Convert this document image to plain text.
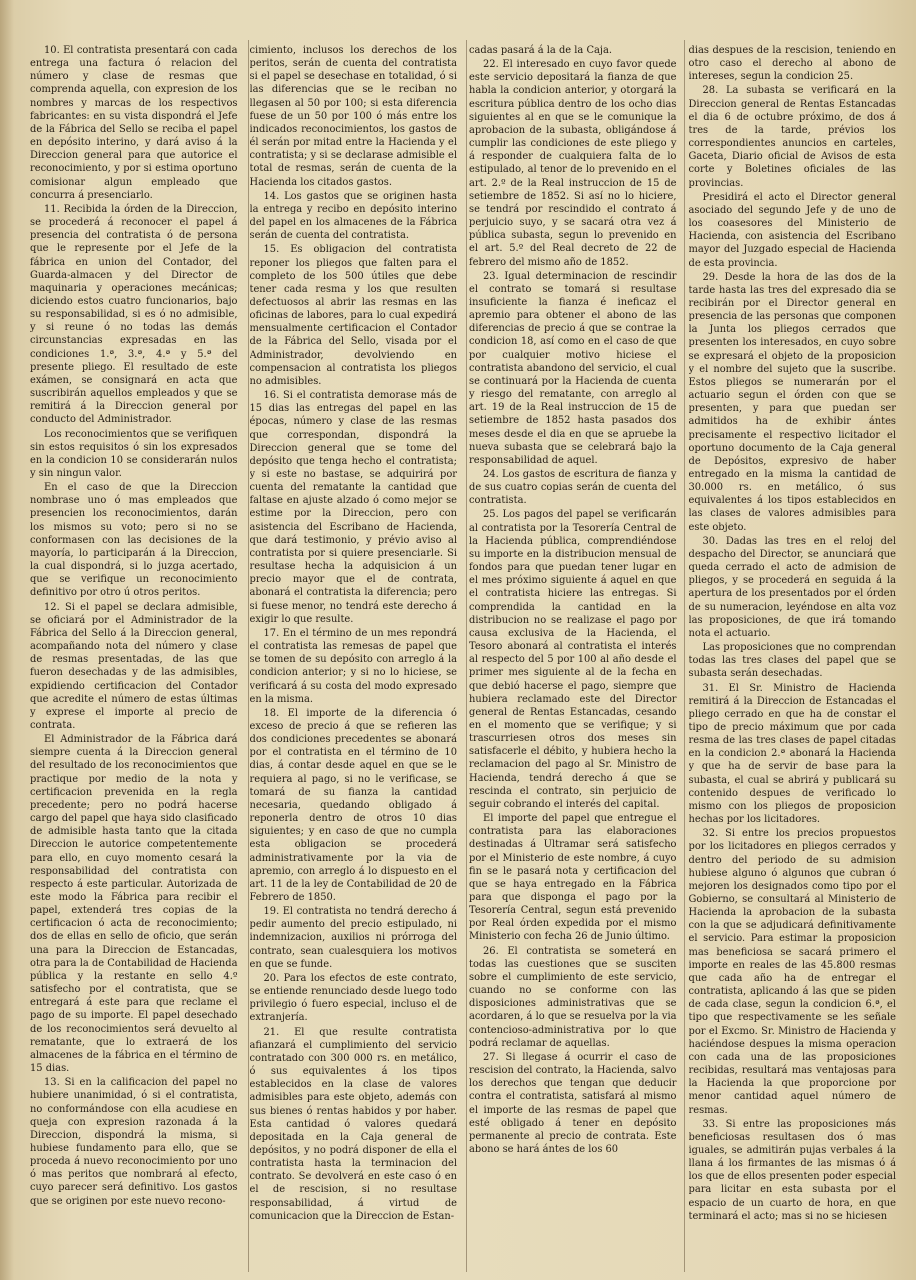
10. El contratista presentará con cada entrega una factura ó relacion del número y clase de resmas que comprenda aquella, con expresion de los nombres y marcas de los respectivos fabricantes: en su vista dispondrá el Jefe de la Fábrica del Sello se reciba el papel en depósito interino, y dará aviso á la Direccion general para que autorice el reconocimiento, y por si estima oportuno comisionar algun empleado que concurra á presenciarlo.

11. Recibida la órden de la Direccion, se procederá á reconocer el papel á presencia del contratista ó de persona que le represente por el Jefe de la fábrica en union del Contador, del Guarda-almacen y del Director de maquinaria y operaciones mecánicas; diciendo estos cuatro funcionarios, bajo su responsabilidad, si es ó no admisible, y si reune ó no todas las demás circunstancias expresadas en las condiciones 1.ª, 3.ª, 4.ª y 5.ª del presente pliego. El resultado de este exámen, se consignará en acta que suscribirán aquellos empleados y que se remitirá á la Direccion general por conducto del Administrador.

Los reconocimientos que se verifiquen sin estos requisitos ó sin los expresados en la condicion 10 se considerarán nulos y sin ningun valor.

En el caso de que la Direccion nombrase uno ó mas empleados que presencien los reconocimientos, darán los mismos su voto; pero si no se conformasen con las decisiones de la mayoría, lo participarán á la Direccion, la cual dispondrá, si lo juzga acertado, que se verifique un reconocimiento definitivo por otro ú otros peritos.

12. Si el papel se declara admisible, se oficiará por el Administrador de la Fábrica del Sello á la Direccion general, acompañando nota del número y clase de resmas presentadas, de las que fueron desechadas y de las admisibles, expidiendo certificacion del Contador que acredite el número de estas últimas y exprese el importe al precio de contrata.

El Administrador de la Fábrica dará siempre cuenta á la Direccion general del resultado de los reconocimientos que practique por medio de la nota y certificacion prevenida en la regla precedente; pero no podrá hacerse cargo del papel que haya sido clasificado de admisible hasta tanto que la citada Direccion le autorice competentemente para ello, en cuyo momento cesará la responsabilidad del contratista con respecto á este particular. Autorizada de este modo la Fábrica para recibir el papel, extenderá tres copias de la certificacion ó acta de reconocimiento; dos de ellas en sello de oficio, que serán una para la Direccion de Estancadas, otra para la de Contabilidad de Hacienda pública y la restante en sello 4.º satisfecho por el contratista, que se entregará á este para que reclame el pago de su importe. El papel desechado de los reconocimientos será devuelto al rematante, que lo extraerá de los almacenes de la fábrica en el término de 15 dias.

13. Si en la calificacion del papel no hubiere unanimidad, ó si el contratista, no conformándose con ella acudiese en queja con expresion razonada á la Direccion, dispondrá la misma, si hubiese fundamento para ello, que se proceda á nuevo reconocimiento por uno ó mas peritos que nombrará al efecto, cuyo parecer será definitivo. Los gastos que se originen por este nuevo recono-

cimiento, inclusos los derechos de los peritos, serán de cuenta del contratista si el papel se desechase en totalidad, ó si las diferencias que se le reciban no llegasen al 50 por 100; si esta diferencia fuese de un 50 por 100 ó más entre los indicados reconocimientos, los gastos de él serán por mitad entre la Hacienda y el contratista; y si se declarase admisible el total de resmas, serán de cuenta de la Hacienda los citados gastos.

14. Los gastos que se originen hasta la entrega y recibo en depósito interino del papel en los almacenes de la Fábrica serán de cuenta del contratista.

15. Es obligacion del contratista reponer los pliegos que falten para el completo de los 500 útiles que debe tener cada resma y los que resulten defectuosos al abrir las resmas en las oficinas de labores, para lo cual expedirá mensualmente certificacion el Contador de la Fábrica del Sello, visada por el Administrador, devolviendo en compensacion al contratista los pliegos no admisibles.

16. Si el contratista demorase más de 15 dias las entregas del papel en las épocas, número y clase de las resmas que correspondan, dispondrá la Direccion general que se tome del depósito que tenga hecho el contratista; y si este no bastase, se adquirirá por cuenta del rematante la cantidad que faltase en ajuste alzado ó como mejor se estime por la Direccion, pero con asistencia del Escribano de Hacienda, que dará testimonio, y prévio aviso al contratista por si quiere presenciarle. Si resultase hecha la adquisicion á un precio mayor que el de contrata, abonará el contratista la diferencia; pero si fuese menor, no tendrá este derecho á exigir lo que resulte.

17. En el término de un mes repondrá el contratista las remesas de papel que se tomen de su depósito con arreglo á la condicion anterior; y si no lo hiciese, se verificará á su costa del modo expresado en la misma.

18. El importe de la diferencia ó exceso de precio á que se refieren las dos condiciones precedentes se abonará por el contratista en el término de 10 dias, á contar desde aquel en que se le requiera al pago, si no le verificase, se tomará de su fianza la cantidad necesaria, quedando obligado á reponerla dentro de otros 10 dias siguientes; y en caso de que no cumpla esta obligacion se procederá administrativamente por la via de apremio, con arreglo á lo dispuesto en el art. 11 de la ley de Contabilidad de 20 de Febrero de 1850.

19. El contratista no tendrá derecho á pedir aumento del precio estipulado, ni indemnizacion, auxilios ni prórroga del contrato, sean cualesquiera los motivos en que se funde.

20. Para los efectos de este contrato, se entiende renunciado desde luego todo privilegio ó fuero especial, incluso el de extranjería.

21. El que resulte contratista afianzará el cumplimiento del servicio contratado con 300 000 rs. en metálico, ó sus equivalentes á los tipos establecidos en la clase de valores admisibles para este objeto, además con sus bienes ó rentas habidos y por haber. Esta cantidad ó valores quedará depositada en la Caja general de depósitos, y no podrá disponer de ella el contratista hasta la terminacion del contrato. Se devolverá en este caso ó en el de rescision, si no resultase responsabilidad, á virtud de comunicacion que la Direccion de Estan-

cadas pasará á la de la Caja.

22. El interesado en cuyo favor quede este servicio depositará la fianza de que habla la condicion anterior, y otorgará la escritura pública dentro de los ocho dias siguientes al en que se le comunique la aprobacion de la subasta, obligándose á cumplir las condiciones de este pliego y á responder de cualquiera falta de lo estipulado, al tenor de lo prevenido en el art. 2.º de la Real instruccion de 15 de setiembre de 1852. Si así no lo hiciere, se tendrá por rescindido el contrato á perjuicio suyo, y se sacará otra vez á pública subasta, segun lo prevenido en el art. 5.º del Real decreto de 22 de febrero del mismo año de 1852.

23. Igual determinacion de rescindir el contrato se tomará si resultase insuficiente la fianza é ineficaz el apremio para obtener el abono de las diferencias de precio á que se contrae la condicion 18, así como en el caso de que por cualquier motivo hiciese el contratista abandono del servicio, el cual se continuará por la Hacienda de cuenta y riesgo del rematante, con arreglo al art. 19 de la Real instruccion de 15 de setiembre de 1852 hasta pasados dos meses desde el dia en que se apruebe la nueva subasta que se celebrará bajo la responsabilidad de aquel.

24. Los gastos de escritura de fianza y de sus cuatro copias serán de cuenta del contratista.

25. Los pagos del papel se verificarán al contratista por la Tesorería Central de la Hacienda pública, comprendiéndose su importe en la distribucion mensual de fondos para que puedan tener lugar en el mes próximo siguiente á aquel en que el contratista hiciere las entregas. Si comprendida la cantidad en la distribucion no se realizase el pago por causa exclusiva de la Hacienda, el Tesoro abonará al contratista el interés al respecto del 5 por 100 al año desde el primer mes siguiente al de la fecha en que debió hacerse el pago, siempre que hubiera reclamado este del Director general de Rentas Estancadas, cesando en el momento que se verifique; y si trascurriesen otros dos meses sin satisfacerle el débito, y hubiera hecho la reclamacion del pago al Sr. Ministro de Hacienda, tendrá derecho á que se rescinda el contrato, sin perjuicio de seguir cobrando el interés del capital.

El importe del papel que entregue el contratista para las elaboraciones destinadas á Ultramar será satisfecho por el Ministerio de este nombre, á cuyo fin se le pasará nota y certificacion del que se haya entregado en la Fábrica para que disponga el pago por la Tesorería Central, segun está prevenido por Real órden expedida por el mismo Ministerio con fecha 26 de Junio último.

26. El contratista se someterá en todas las cuestiones que se susciten sobre el cumplimiento de este servicio, cuando no se conforme con las disposiciones administrativas que se acordaren, á lo que se resuelva por la via contencioso-administrativa por lo que podrá reclamar de aquellas.

27. Si llegase á ocurrir el caso de rescision del contrato, la Hacienda, salvo los derechos que tengan que deducir contra el contratista, satisfará al mismo el importe de las resmas de papel que esté obligado á tener en depósito permanente al precio de contrata. Este abono se hará ántes de los 60

dias despues de la rescision, teniendo en otro caso el derecho al abono de intereses, segun la condicion 25.

28. La subasta se verificará en la Direccion general de Rentas Estancadas el dia 6 de octubre próximo, de dos á tres de la tarde, prévios los correspondientes anuncios en carteles, Gaceta, Diario oficial de Avisos de esta corte y Boletines oficiales de las provincias.

Presidirá el acto el Director general asociado del segundo Jefe y de uno de los coasesores del Ministerio de Hacienda, con asistencia del Escribano mayor del Juzgado especial de Hacienda de esta provincia.

29. Desde la hora de las dos de la tarde hasta las tres del expresado dia se recibirán por el Director general en presencia de las personas que componen la Junta los pliegos cerrados que presenten los interesados, en cuyo sobre se expresará el objeto de la proposicion y el nombre del sujeto que la suscribe. Estos pliegos se numerarán por el actuario segun el órden con que se presenten, y para que puedan ser admitidos ha de exhibir ántes precisamente el respectivo licitador el oportuno documento de la Caja general de Depósitos, expresivo de haber entregado en la misma la cantidad de 30.000 rs. en metálico, ó sus equivalentes á los tipos establecidos en las clases de valores admisibles para este objeto.

30. Dadas las tres en el reloj del despacho del Director, se anunciará que queda cerrado el acto de admision de pliegos, y se procederá en seguida á la apertura de los presentados por el órden de su numeracion, leyéndose en alta voz las proposiciones, de que irá tomando nota el actuario.

Las proposiciones que no comprendan todas las tres clases del papel que se subasta serán desechadas.

31. El Sr. Ministro de Hacienda remitirá á la Direccion de Estancadas el pliego cerrado en que ha de constar el tipo de precio máximum que por cada resma de las tres clases de papel citadas en la condicion 2.ª abonará la Hacienda y que ha de servir de base para la subasta, el cual se abrirá y publicará su contenido despues de verificado lo mismo con los pliegos de proposicion hechas por los licitadores.

32. Si entre los precios propuestos por los licitadores en pliegos cerrados y dentro del periodo de su admision hubiese alguno ó algunos que cubran ó mejoren los designados como tipo por el Gobierno, se consultará al Ministerio de Hacienda la aprobacion de la subasta con la que se adjudicará definitivamente el servicio. Para estimar la proposicion mas beneficiosa se sacará primero el importe en reales de las 45.800 resmas que cada año ha de entregar el contratista, aplicando á las que se piden de cada clase, segun la condicion 6.ª, el tipo que respectivamente se les señale por el Excmo. Sr. Ministro de Hacienda y haciéndose despues la misma operacion con cada una de las proposiciones recibidas, resultará mas ventajosas para la Hacienda la que proporcione por menor cantidad aquel número de resmas.

33. Si entre las proposiciones más beneficiosas resultasen dos ó mas iguales, se admitirán pujas verbales á la llana á los firmantes de las mismas ó á los que de ellos presenten poder especial para licitar en esta subasta por el espacio de un cuarto de hora, en que terminará el acto; mas si no se hiciesen
